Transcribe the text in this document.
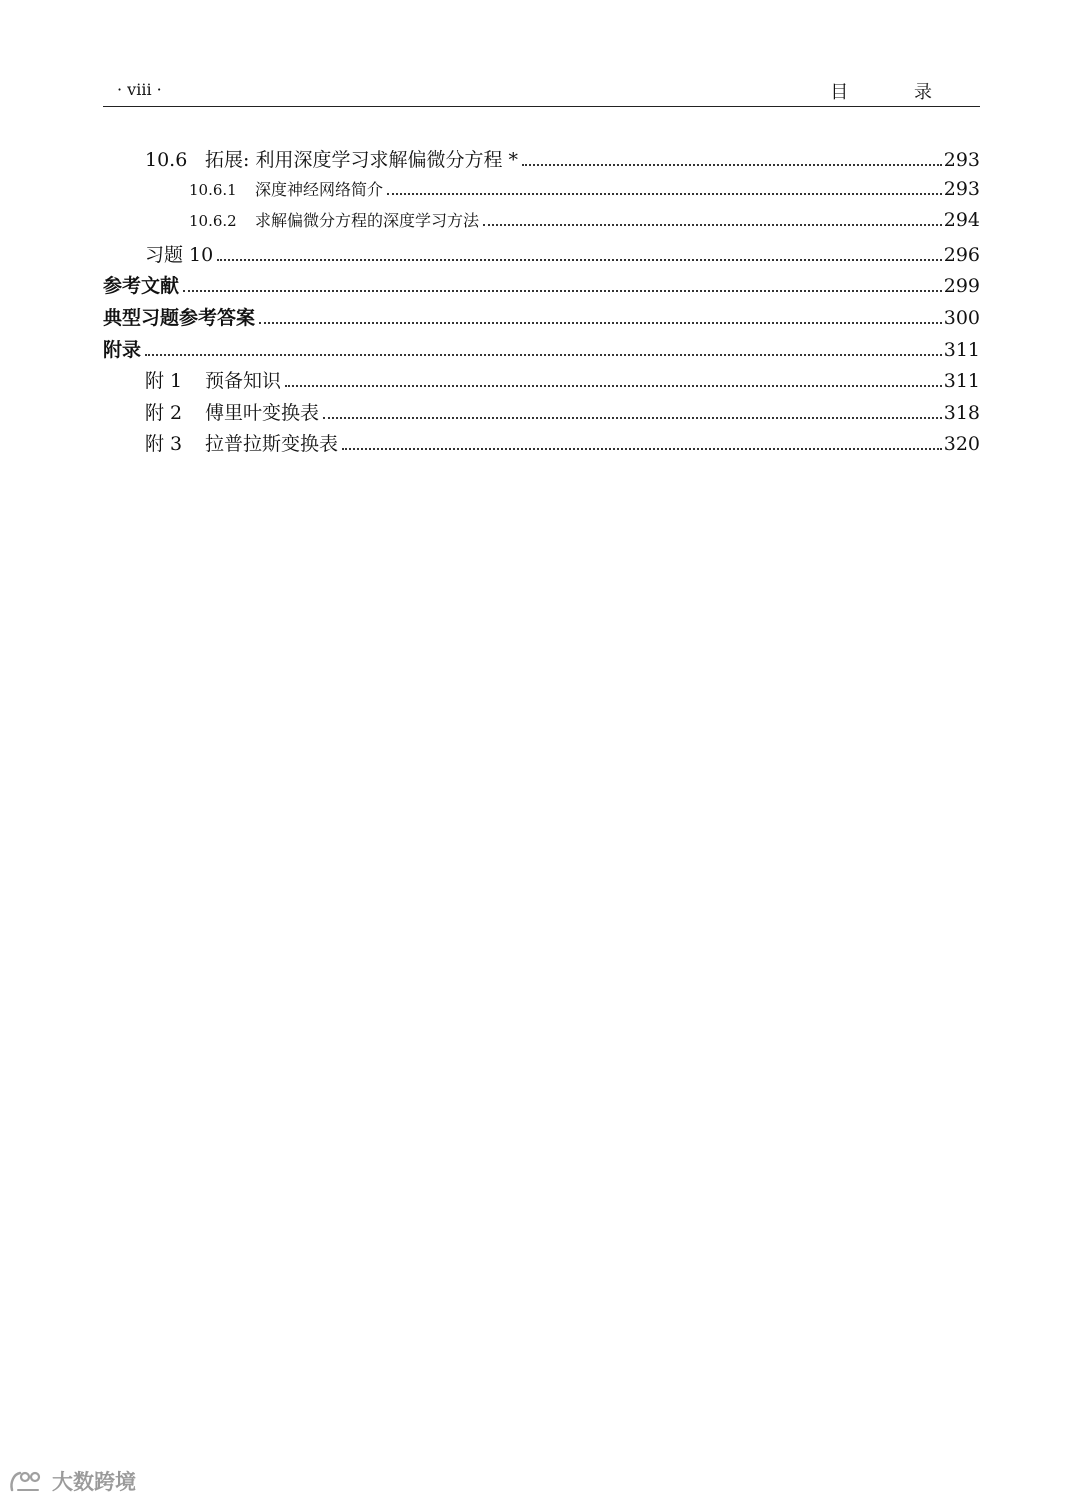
· viii ·	目 录
10.6 拓展: 利用深度学习求解偏微分方程 *	293
10.6.1	深度神经网络简介	293
10.6.2	求解偏微分方程的深度学习方法	294
习题 10	296
参考文献	299
典型习题参考答案	300
附录	311
附 1	预备知识	311
附 2	傅里叶变换表	318
附 3	拉普拉斯变换表	320
大数跨境
